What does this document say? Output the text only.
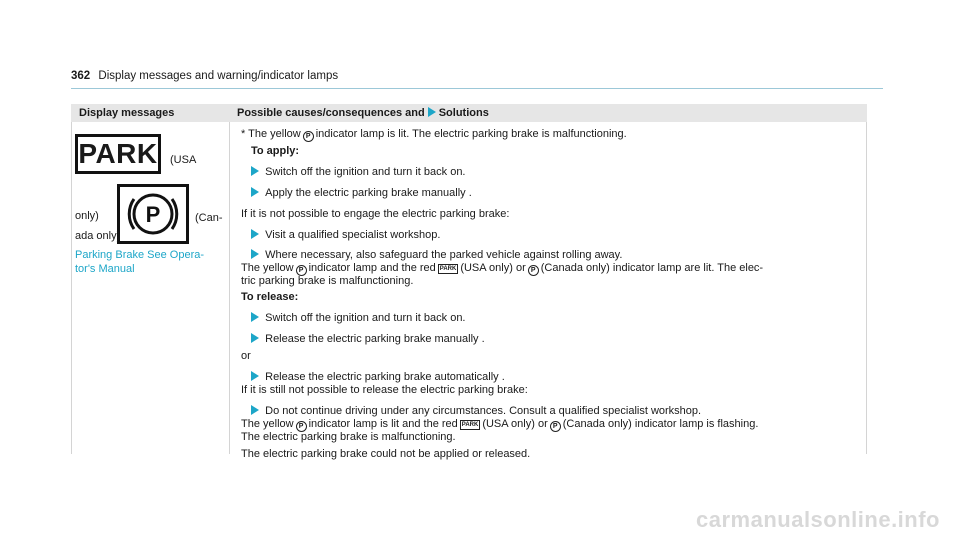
362 Display messages and warning/indicator lamps
Display messages	Possible causes/consequences and Solutions
PARK	(USA
only) P	(Can-
ada only)
Parking Brake See Opera- tor's Manual
* The yellow P indicator lamp is lit. The electric parking brake is malfunctioning.
To apply:
Switch off the ignition and turn it back on.
Apply the electric parking brake manually .
If it is not possible to engage the electric parking brake:
Visit a qualified specialist workshop.
Where necessary, also safeguard the parked vehicle against rolling away.
The yellow P indicator lamp and the red PARK (USA only) or P (Canada only) indicator lamp are lit. The elec-
tric parking brake is malfunctioning.
To release:
Switch off the ignition and turn it back on.
Release the electric parking brake manually .
or
Release the electric parking brake automatically .
If it is still not possible to release the electric parking brake:
Do not continue driving under any circumstances. Consult a qualified specialist workshop.
The yellow P indicator lamp is lit and the red PARK (USA only) or P (Canada only) indicator lamp is flashing.
The electric parking brake is malfunctioning.
The electric parking brake could not be applied or released.
carmanualsonline.info
